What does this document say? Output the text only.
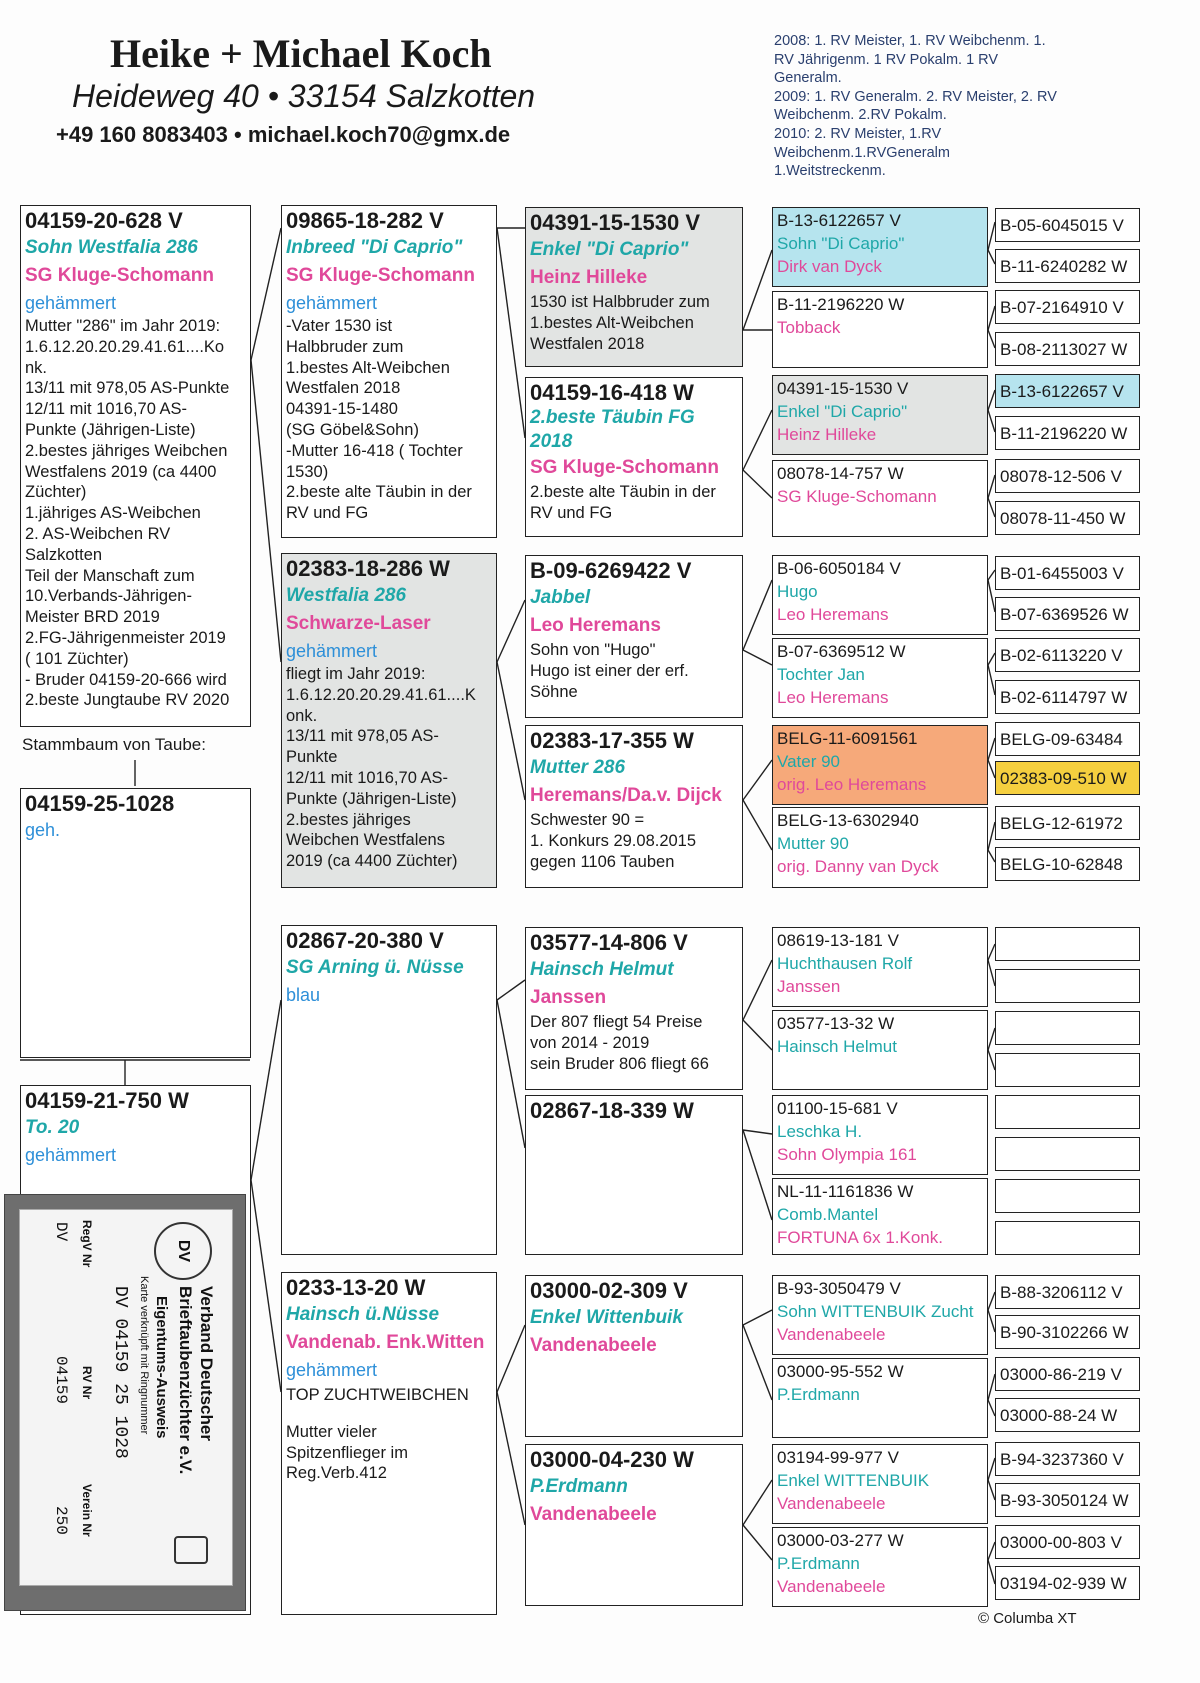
Heike + Michael Koch
Heideweg 40 • 33154 Salzkotten
+49 160 8083403 • michael.koch70@gmx.de
2008: 1. RV Meister, 1. RV Weibchenm. 1.
RV Jährigenm. 1 RV Pokalm. 1 RV
Generalm.
2009: 1. RV Generalm. 2. RV Meister, 2. RV
Weibchenm. 2.RV Pokalm.
2010: 2. RV Meister, 1.RV
Weibchenm.1.RVGeneralm
1.Weitstreckenm.
04159-20-628 V
Sohn Westfalia 286
SG Kluge-Schomann
gehämmert
Mutter "286" im Jahr 2019:
1.6.12.20.20.29.41.61....Ko
nk.
13/11 mit 978,05 AS-Punkte
12/11 mit 1016,70 AS-
Punkte (Jährigen-Liste)
2.bestes jähriges Weibchen
Westfalens 2019 (ca 4400
Züchter)
1.jähriges AS-Weibchen
2. AS-Weibchen RV
Salzkotten
Teil der Manschaft zum
10.Verbands-Jährigen-
Meister BRD 2019
2.FG-Jährigenmeister 2019
( 101 Züchter)
- Bruder 04159-20-666 wird
2.beste Jungtaube RV 2020
Stammbaum von Taube:
04159-25-1028
geh.
04159-21-750 W
To. 20
gehämmert
09865-18-282 V
Inbreed "Di Caprio"
SG Kluge-Schomann
gehämmert
-Vater 1530 ist
Halbbruder zum
1.bestes Alt-Weibchen
Westfalen 2018
04391-15-1480
(SG Göbel&Sohn)
-Mutter 16-418 ( Tochter
1530)
2.beste alte Täubin in der
RV und FG
02383-18-286 W
Westfalia 286
Schwarze-Laser
gehämmert
fliegt im Jahr 2019:
1.6.12.20.20.29.41.61....K
onk.
13/11 mit 978,05 AS-
Punkte
12/11 mit 1016,70 AS-
Punkte (Jährigen-Liste)
2.bestes jähriges
Weibchen Westfalens
2019 (ca 4400 Züchter)
02867-20-380 V
SG Arning ü. Nüsse
blau
0233-13-20 W
Hainsch ü.Nüsse
Vandenab. Enk.Witten
gehämmert
TOP ZUCHTWEIBCHEN
Mutter vieler
Spitzenflieger im
Reg.Verb.412
04391-15-1530 V
Enkel "Di Caprio"
Heinz Hilleke
1530 ist Halbbruder zum
1.bestes Alt-Weibchen
Westfalen 2018
04159-16-418 W
2.beste Täubin FG
2018
SG Kluge-Schomann
2.beste alte Täubin in der
RV und FG
B-09-6269422 V
Jabbel
Leo Heremans
Sohn von "Hugo"
Hugo ist einer der erf.
Söhne
02383-17-355 W
Mutter 286
Heremans/Da.v. Dijck
Schwester 90 =
1. Konkurs 29.08.2015
gegen 1106 Tauben
03577-14-806 V
Hainsch Helmut
Janssen
Der 807 fliegt 54 Preise
von 2014 - 2019
sein Bruder 806 fliegt 66
02867-18-339 W
03000-02-309 V
Enkel Wittenbuik
Vandenabeele
03000-04-230 W
P.Erdmann
Vandenabeele
B-13-6122657 V
Sohn "Di Caprio"
Dirk van Dyck
B-11-2196220 W
Tobback
04391-15-1530 V
Enkel "Di Caprio"
Heinz Hilleke
08078-14-757 W
SG Kluge-Schomann
B-06-6050184 V
Hugo
Leo Heremans
B-07-6369512 W
Tochter Jan
Leo Heremans
BELG-11-6091561
Vater 90
orig. Leo Heremans
BELG-13-6302940
Mutter 90
orig. Danny van Dyck
08619-13-181 V
Huchthausen Rolf
Janssen
03577-13-32 W
Hainsch Helmut
01100-15-681 V
Leschka H.
Sohn Olympia 161
NL-11-1161836 W
Comb.Mantel
FORTUNA 6x 1.Konk.
B-93-3050479 V
Sohn WITTENBUIK Zucht
Vandenabeele
03000-95-552 W
P.Erdmann
03194-99-977 V
Enkel WITTENBUIK
Vandenabeele
03000-03-277 W
P.Erdmann
Vandenabeele
B-05-6045015 V
B-11-6240282 W
B-07-2164910 V
B-08-2113027 W
B-13-6122657 V
B-11-2196220 W
08078-12-506 V
08078-11-450 W
B-01-6455003 V
B-07-6369526 W
B-02-6113220 V
B-02-6114797 W
BELG-09-63484
02383-09-510 W
BELG-12-61972
BELG-10-62848
B-88-3206112 V
B-90-3102266 W
03000-86-219 V
03000-88-24 W
B-94-3237360 V
B-93-3050124 W
03000-00-803 V
03194-02-939 W
© Columba XT
DV
Verband Deutscher
Brieftaubenzüchter e.V.
Eigentums-Ausweis
Karte verknüpft mit Ringnummer
DV 04159 25 1028
RegV Nr
RV Nr
Verein Nr
DV
04159
250
